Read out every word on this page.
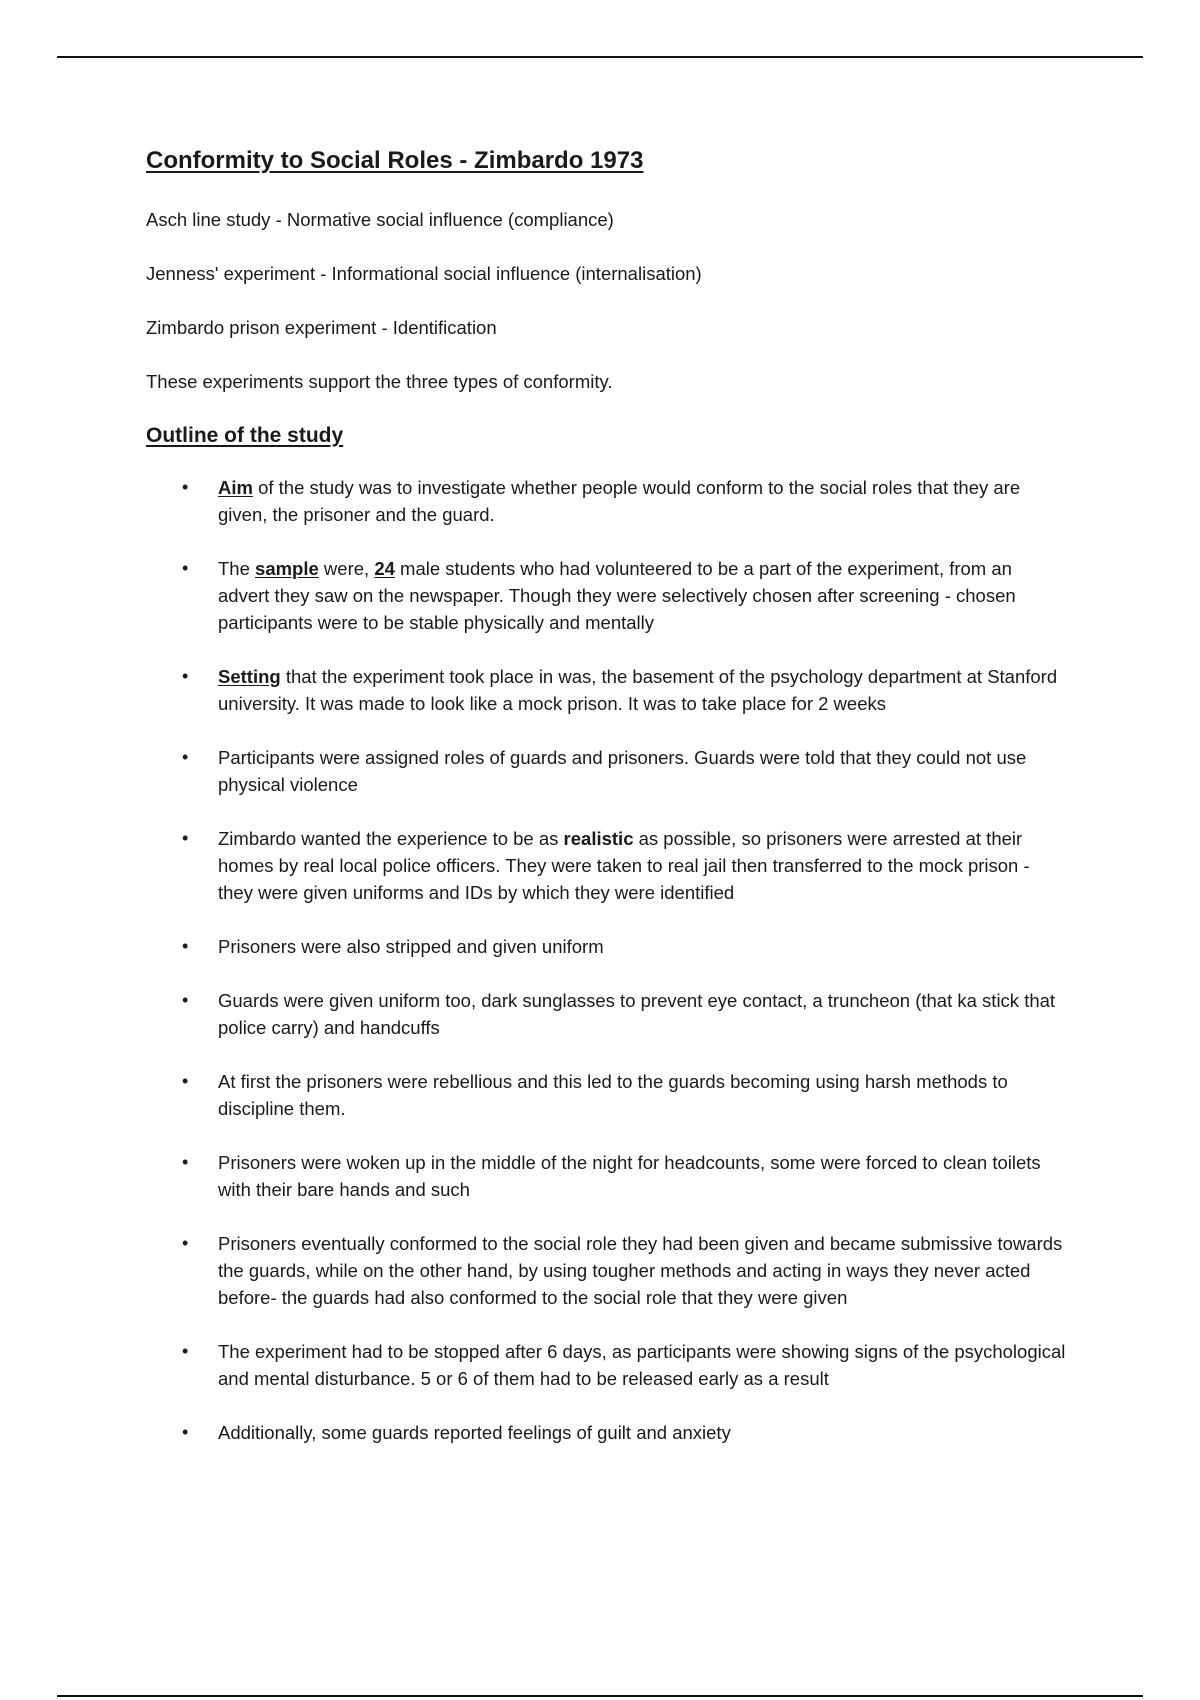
Conformity to Social Roles - Zimbardo 1973

Asch line study - Normative social influence (compliance)

Jenness' experiment - Informational social influence (internalisation)

Zimbardo prison experiment - Identification

These experiments support the three types of conformity.

Outline of the study
• Aim of the study was to investigate whether people would conform to the social roles that they are given, the prisoner and the guard.
• The sample were, 24 male students who had volunteered to be a part of the experiment, from an advert they saw on the newspaper. Though they were selectively chosen after screening - chosen participants were to be stable physically and mentally
• Setting that the experiment took place in was, the basement of the psychology department at Stanford university. It was made to look like a mock prison. It was to take place for 2 weeks
• Participants were assigned roles of guards and prisoners. Guards were told that they could not use physical violence
• Zimbardo wanted the experience to be as realistic as possible, so prisoners were arrested at their homes by real local police officers. They were taken to real jail then transferred to the mock prison - they were given uniforms and IDs by which they were identified
• Prisoners were also stripped and given uniform
• Guards were given uniform too, dark sunglasses to prevent eye contact, a truncheon (that ka stick that police carry) and handcuffs
• At first the prisoners were rebellious and this led to the guards becoming using harsh methods to discipline them.
• Prisoners were woken up in the middle of the night for headcounts, some were forced to clean toilets with their bare hands and such
• Prisoners eventually conformed to the social role they had been given and became submissive towards the guards, while on the other hand, by using tougher methods and acting in ways they never acted before- the guards had also conformed to the social role that they were given
• The experiment had to be stopped after 6 days, as participants were showing signs of the psychological and mental disturbance. 5 or 6 of them had to be released early as a result
• Additionally, some guards reported feelings of guilt and anxiety
